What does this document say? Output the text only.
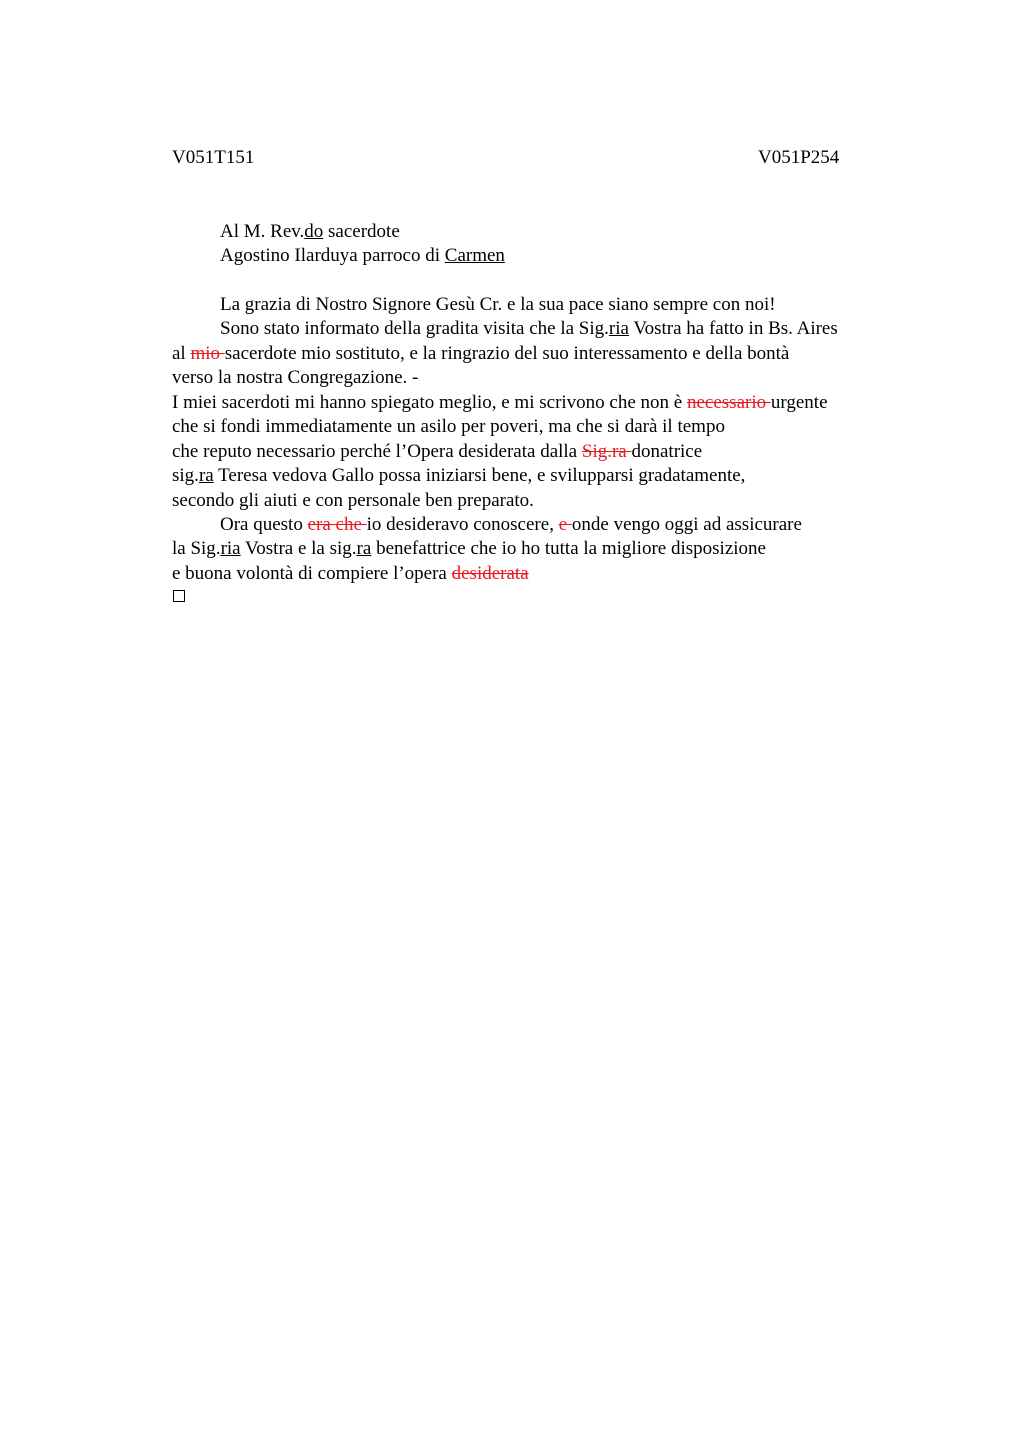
V051T151	V051P254
Al M. Rev.do sacerdote
Agostino Ilarduya parroco di Carmen
La grazia di Nostro Signore Gesù Cr. e la sua pace siano sempre con noi!
Sono stato informato della gradita visita che la Sig.ria Vostra ha fatto in Bs. Aires
al mio sacerdote mio sostituto, e la ringrazio del suo interessamento e della bontà
verso la nostra Congregazione. -
I miei sacerdoti mi hanno spiegato meglio, e mi scrivono che non è necessario urgente
che si fondi immediatamente un asilo per poveri, ma che si darà il tempo
che reputo necessario perché l’Opera desiderata dalla Sig.ra donatrice
sig.ra Teresa vedova Gallo possa iniziarsi bene, e svilupparsi gradatamente,
secondo gli aiuti e con personale ben preparato.
Ora questo era che io desideravo conoscere, e onde vengo oggi ad assicurare
la Sig.ria Vostra e la sig.ra benefattrice che io ho tutta la migliore disposizione
e buona volontà di compiere l’opera desiderata
